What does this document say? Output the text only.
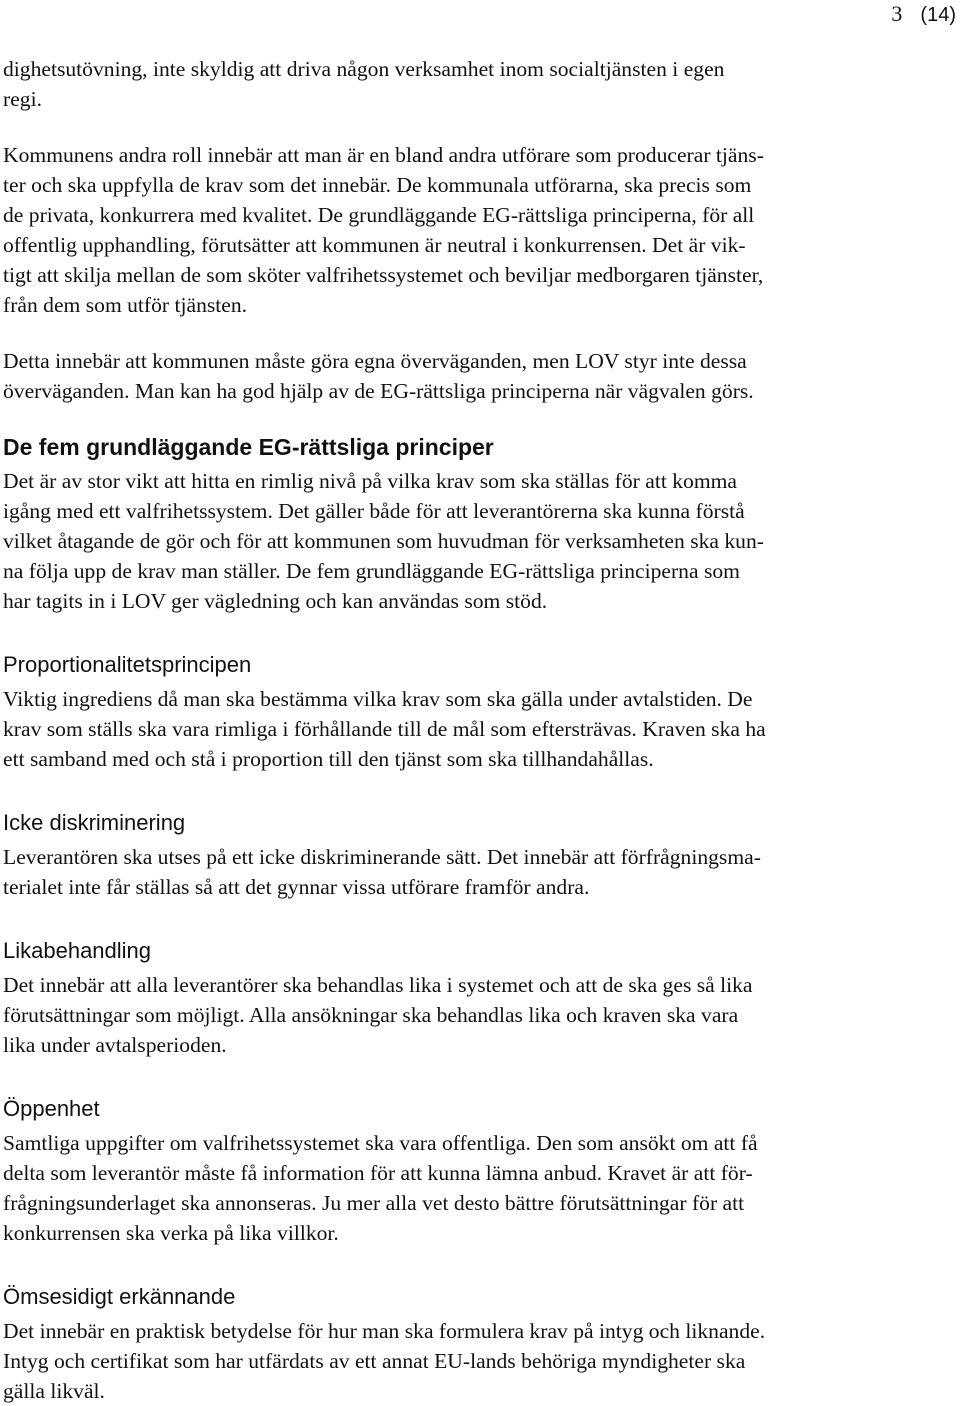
3 (14)

dighetsutövning, inte skyldig att driva någon verksamhet inom socialtjänsten i egen
regi.

Kommunens andra roll innebär att man är en bland andra utförare som producerar tjäns-
ter och ska uppfylla de krav som det innebär. De kommunala utförarna, ska precis som
de privata, konkurrera med kvalitet. De grundläggande EG-rättsliga principerna, för all
offentlig upphandling, förutsätter att kommunen är neutral i konkurrensen. Det är vik-
tigt att skilja mellan de som sköter valfrihetssystemet och beviljar medborgaren tjänster,
från dem som utför tjänsten.

Detta innebär att kommunen måste göra egna överväganden, men LOV styr inte dessa
överväganden. Man kan ha god hjälp av de EG-rättsliga principerna när vägvalen görs.

De fem grundläggande EG-rättsliga principer

Det är av stor vikt att hitta en rimlig nivå på vilka krav som ska ställas för att komma
igång med ett valfrihetssystem. Det gäller både för att leverantörerna ska kunna förstå
vilket åtagande de gör och för att kommunen som huvudman för verksamheten ska kun-
na följa upp de krav man ställer. De fem grundläggande EG-rättsliga principerna som
har tagits in i LOV ger vägledning och kan användas som stöd.

Proportionalitetsprincipen

Viktig ingrediens då man ska bestämma vilka krav som ska gälla under avtalstiden. De
krav som ställs ska vara rimliga i förhållande till de mål som eftersträvas. Kraven ska ha
ett samband med och stå i proportion till den tjänst som ska tillhandahållas.

Icke diskriminering

Leverantören ska utses på ett icke diskriminerande sätt. Det innebär att förfrågningsma-
terialet inte får ställas så att det gynnar vissa utförare framför andra.

Likabehandling

Det innebär att alla leverantörer ska behandlas lika i systemet och att de ska ges så lika
förutsättningar som möjligt. Alla ansökningar ska behandlas lika och kraven ska vara
lika under avtalsperioden.

Öppenhet

Samtliga uppgifter om valfrihetssystemet ska vara offentliga. Den som ansökt om att få
delta som leverantör måste få information för att kunna lämna anbud. Kravet är att för-
frågningsunderlaget ska annonseras. Ju mer alla vet desto bättre förutsättningar för att
konkurrensen ska verka på lika villkor.

Ömsesidigt erkännande

Det innebär en praktisk betydelse för hur man ska formulera krav på intyg och liknande.
Intyg och certifikat som har utfärdats av ett annat EU-lands behöriga myndigheter ska
gälla likväl.
